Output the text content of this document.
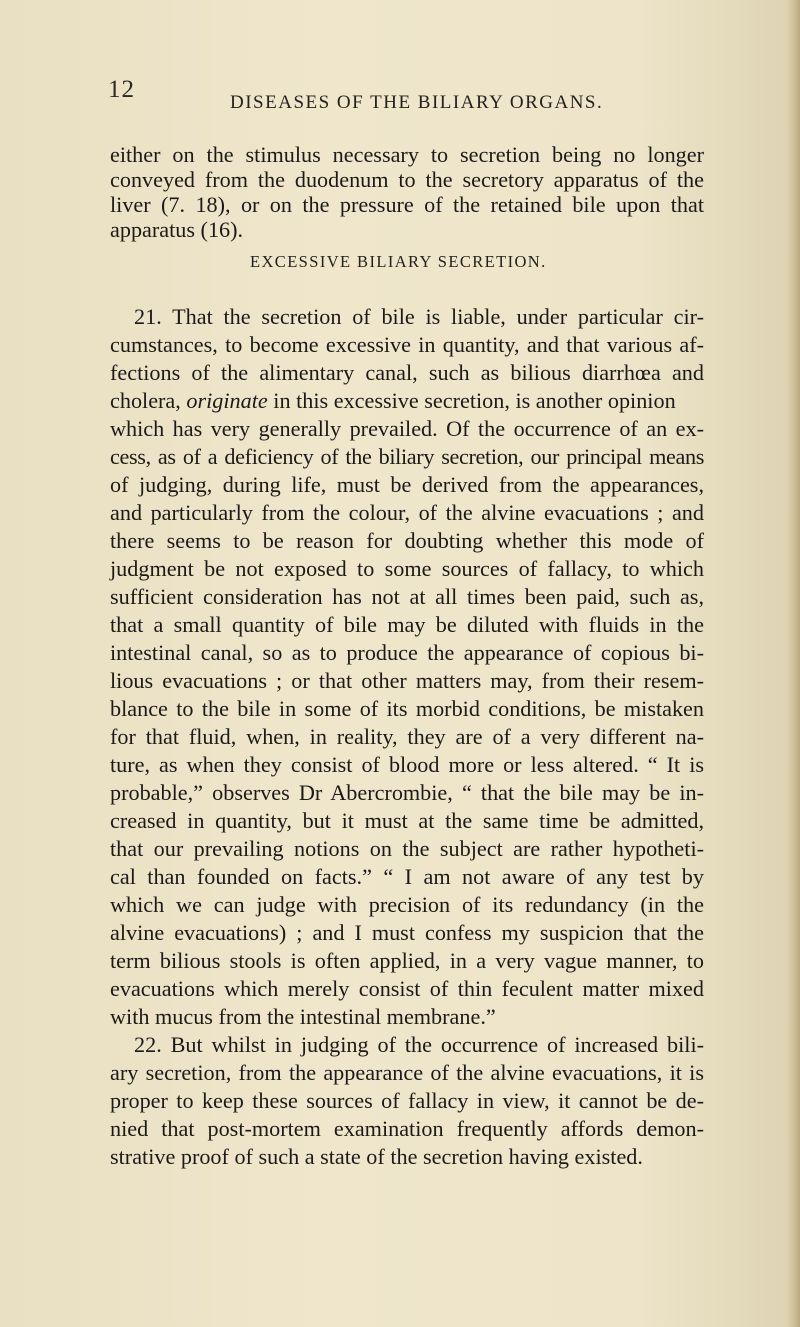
12	DISEASES OF THE BILIARY ORGANS.
either on the stimulus necessary to secretion being no longer
conveyed from the duodenum to the secretory apparatus of the
liver (7. 18), or on the pressure of the retained bile upon that
apparatus (16).
EXCESSIVE BILIARY SECRETION.
21. That the secretion of bile is liable, under particular cir-
cumstances, to become excessive in quantity, and that various af-
fections of the alimentary canal, such as bilious diarrhœa and
cholera, originate in this excessive secretion, is another opinion
which has very generally prevailed. Of the occurrence of an ex-
cess, as of a deficiency of the biliary secretion, our principal means
of judging, during life, must be derived from the appearances,
and particularly from the colour, of the alvine evacuations ; and
there seems to be reason for doubting whether this mode of
judgment be not exposed to some sources of fallacy, to which
sufficient consideration has not at all times been paid, such as,
that a small quantity of bile may be diluted with fluids in the
intestinal canal, so as to produce the appearance of copious bi-
lious evacuations ; or that other matters may, from their resem-
blance to the bile in some of its morbid conditions, be mistaken
for that fluid, when, in reality, they are of a very different na-
ture, as when they consist of blood more or less altered. “ It is
probable,” observes Dr Abercrombie, “ that the bile may be in-
creased in quantity, but it must at the same time be admitted,
that our prevailing notions on the subject are rather hypotheti-
cal than founded on facts.” “ I am not aware of any test by
which we can judge with precision of its redundancy (in the
alvine evacuations) ; and I must confess my suspicion that the
term bilious stools is often applied, in a very vague manner, to
evacuations which merely consist of thin feculent matter mixed
with mucus from the intestinal membrane.”
22. But whilst in judging of the occurrence of increased bili-
ary secretion, from the appearance of the alvine evacuations, it is
proper to keep these sources of fallacy in view, it cannot be de-
nied that post-mortem examination frequently affords demon-
strative proof of such a state of the secretion having existed.
